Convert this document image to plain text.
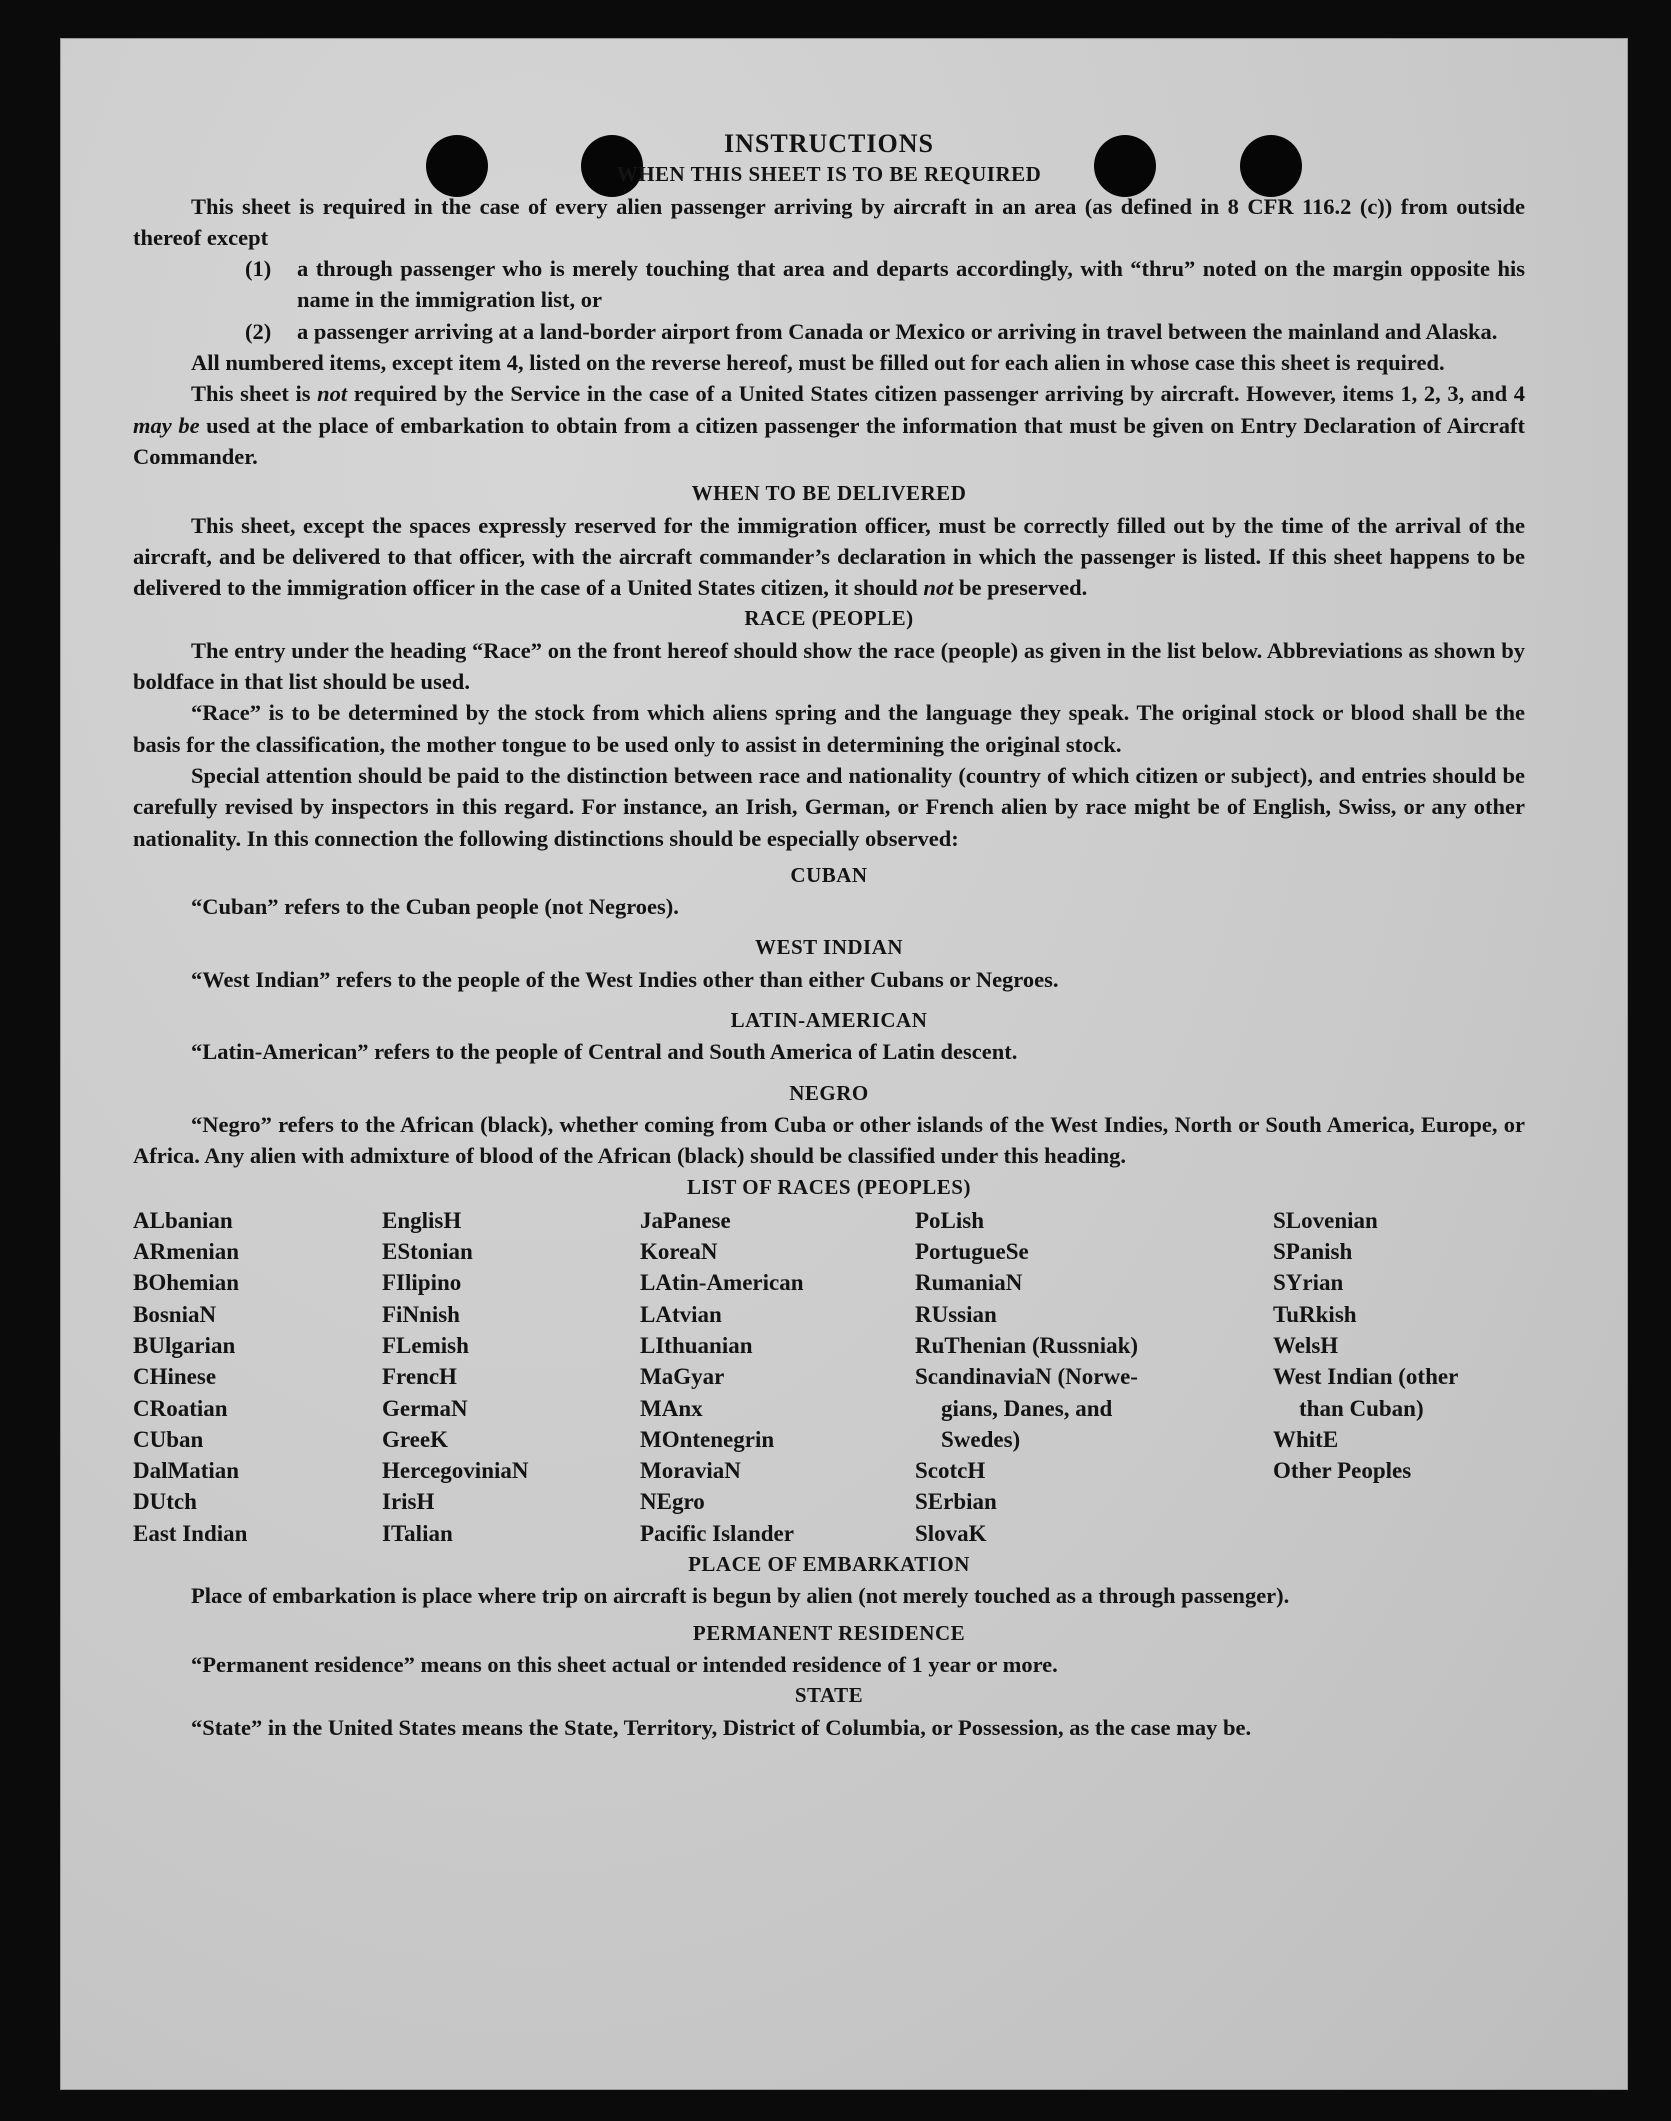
INSTRUCTIONS

WHEN THIS SHEET IS TO BE REQUIRED

This sheet is required in the case of every alien passenger arriving by aircraft in an area (as defined in 8 CFR 116.2 (c)) from outside thereof except

(1)	a through passenger who is merely touching that area and departs accordingly, with “thru” noted on the margin opposite his name in the immigration list, or
(2)	a passenger arriving at a land-border airport from Canada or Mexico or arriving in travel between the mainland and Alaska.

All numbered items, except item 4, listed on the reverse hereof, must be filled out for each alien in whose case this sheet is required.

This sheet is not required by the Service in the case of a United States citizen passenger arriving by aircraft. However, items 1, 2, 3, and 4 may be used at the place of embarkation to obtain from a citizen passenger the information that must be given on Entry Declaration of Aircraft Commander.

WHEN TO BE DELIVERED

This sheet, except the spaces expressly reserved for the immigration officer, must be correctly filled out by the time of the arrival of the aircraft, and be delivered to that officer, with the aircraft commander’s declaration in which the passenger is listed. If this sheet happens to be delivered to the immigration officer in the case of a United States citizen, it should not be preserved.

RACE (PEOPLE)

The entry under the heading “Race” on the front hereof should show the race (people) as given in the list below. Abbreviations as shown by boldface in that list should be used.

“Race” is to be determined by the stock from which aliens spring and the language they speak. The original stock or blood shall be the basis for the classification, the mother tongue to be used only to assist in determining the original stock.

Special attention should be paid to the distinction between race and nationality (country of which citizen or subject), and entries should be carefully revised by inspectors in this regard. For instance, an Irish, German, or French alien by race might be of English, Swiss, or any other nationality. In this connection the following distinctions should be especially observed:

CUBAN

“Cuban” refers to the Cuban people (not Negroes).

WEST INDIAN

“West Indian” refers to the people of the West Indies other than either Cubans or Negroes.

LATIN-AMERICAN

“Latin-American” refers to the people of Central and South America of Latin descent.

NEGRO

“Negro” refers to the African (black), whether coming from Cuba or other islands of the West Indies, North or South America, Europe, or Africa. Any alien with admixture of blood of the African (black) should be classified under this heading.

LIST OF RACES (PEOPLES)

ALbanian
ARmenian
BOhemian
BosniaN
BUlgarian
CHinese
CRoatian
CUban
DalMatian
DUtch
East Indian
EnglisH
EStonian
FIlipino
FiNnish
FLemish
FrencH
GermaN
GreeK
HercegoviniaN
IrisH
ITalian
JaPanese
KoreaN
LAtin-American
LAtvian
LIthuanian
MaGyar
MAnx
MOntenegrin
MoraviaN
NEgro
Pacific Islander
PoLish
PortugueSe
RumaniaN
RUssian
RuThenian (Russniak)
ScandinaviaN (Norwe-
gians, Danes, and
Swedes)
ScotcH
SErbian
SlovaK
SLovenian
SPanish
SYrian
TuRkish
WelsH
West Indian (other
than Cuban)
WhitE
Other Peoples

PLACE OF EMBARKATION

Place of embarkation is place where trip on aircraft is begun by alien (not merely touched as a through passenger).

PERMANENT RESIDENCE

“Permanent residence” means on this sheet actual or intended residence of 1 year or more.

STATE

“State” in the United States means the State, Territory, District of Columbia, or Possession, as the case may be.
